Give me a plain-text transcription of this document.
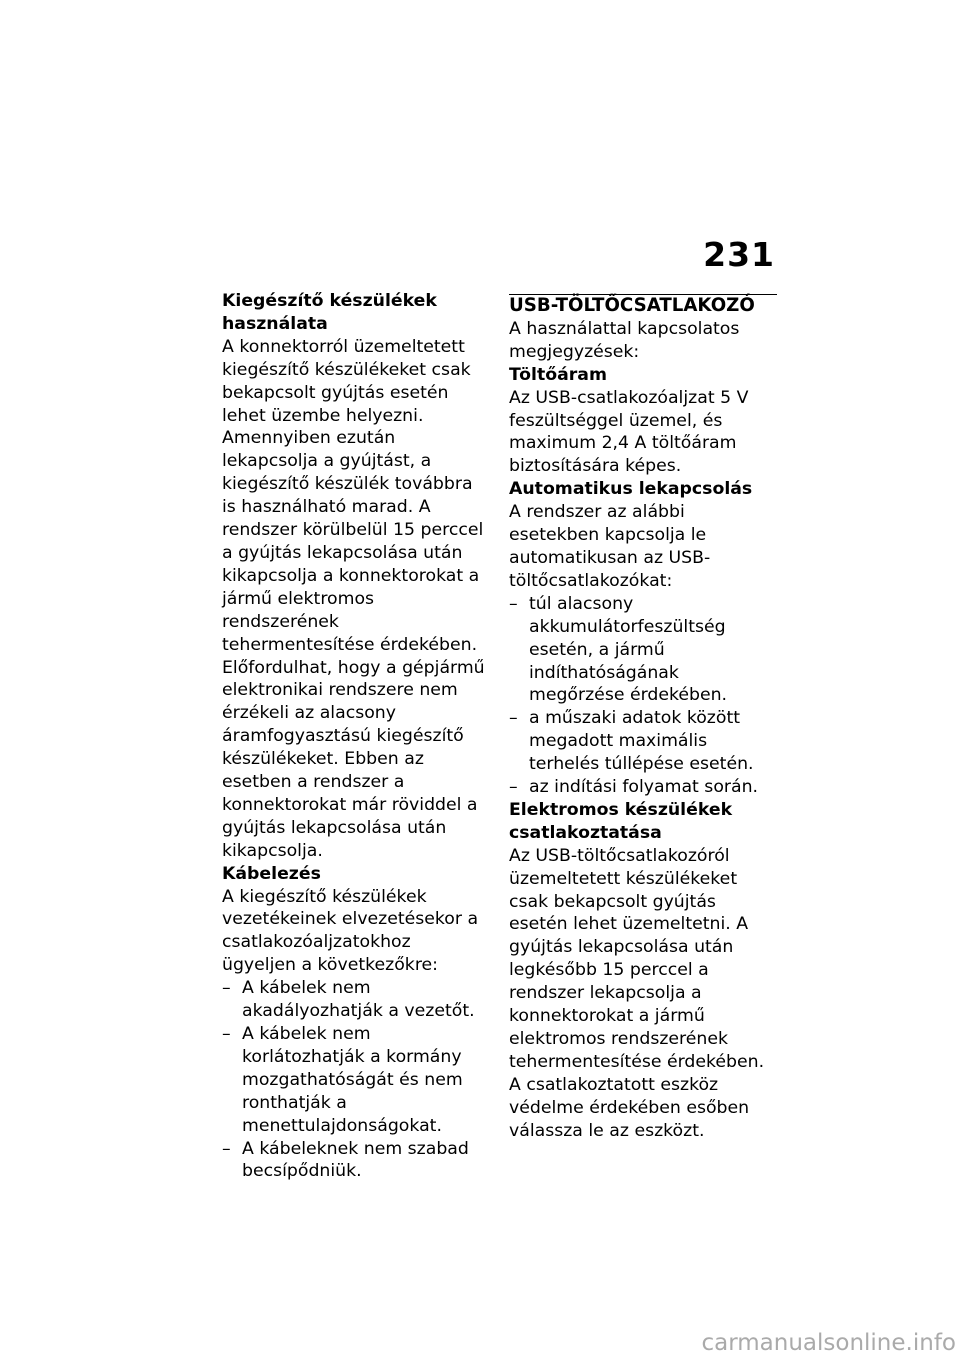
231

Kiegészítő készülékek használata

A konnektorról üzemeltetett kiegészítő készülékeket csak bekapcsolt gyújtás esetén lehet üzembe helyezni. Amennyiben ezután lekapcsolja a gyújtást, a kiegészítő készülék továbbra is használható marad. A rendszer körülbelül 15 perccel a gyújtás lekapcsolása után kikapcsolja a konnektorokat a jármű elektromos rendszerének tehermentesítése érdekében.

Előfordulhat, hogy a gépjármű elektronikai rendszere nem érzékeli az alacsony áramfogyasztású kiegészítő készülékeket. Ebben az esetben a rendszer a konnektorokat már röviddel a gyújtás lekapcsolása után kikapcsolja.

Kábelezés

A kiegészítő készülékek vezetékeinek elvezetésekor a csatlakozóaljzatokhoz ügyeljen a következőkre:

– A kábelek nem akadályozhatják a vezetőt.
– A kábelek nem korlátozhatják a kormány mozgathatóságát és nem ronthatják a menettulajdonságokat.
– A kábeleknek nem szabad becsípődniük.

USB-TÖLTŐCSATLAKOZÓ

A használattal kapcsolatos megjegyzések:

Töltőáram

Az USB-csatlakozóaljzat 5 V feszültséggel üzemel, és maximum 2,4 A töltőáram biztosítására képes.

Automatikus lekapcsolás

A rendszer az alábbi esetekben kapcsolja le automatikusan az USB-töltőcsatlakozókat:

– túl alacsony akkumulátorfeszültség esetén, a jármű indíthatóságának megőrzése érdekében.
– a műszaki adatok között megadott maximális terhelés túllépése esetén.
– az indítási folyamat során.

Elektromos készülékek csatlakoztatása

Az USB-töltőcsatlakozóról üzemeltetett készülékeket csak bekapcsolt gyújtás esetén lehet üzemeltetni. A gyújtás lekapcsolása után legkésőbb 15 perccel a rendszer lekapcsolja a konnektorokat a jármű elektromos rendszerének tehermentesítése érdekében.

A csatlakoztatott eszköz védelme érdekében esőben válassza le az eszközt.

carmanualsonline.info
